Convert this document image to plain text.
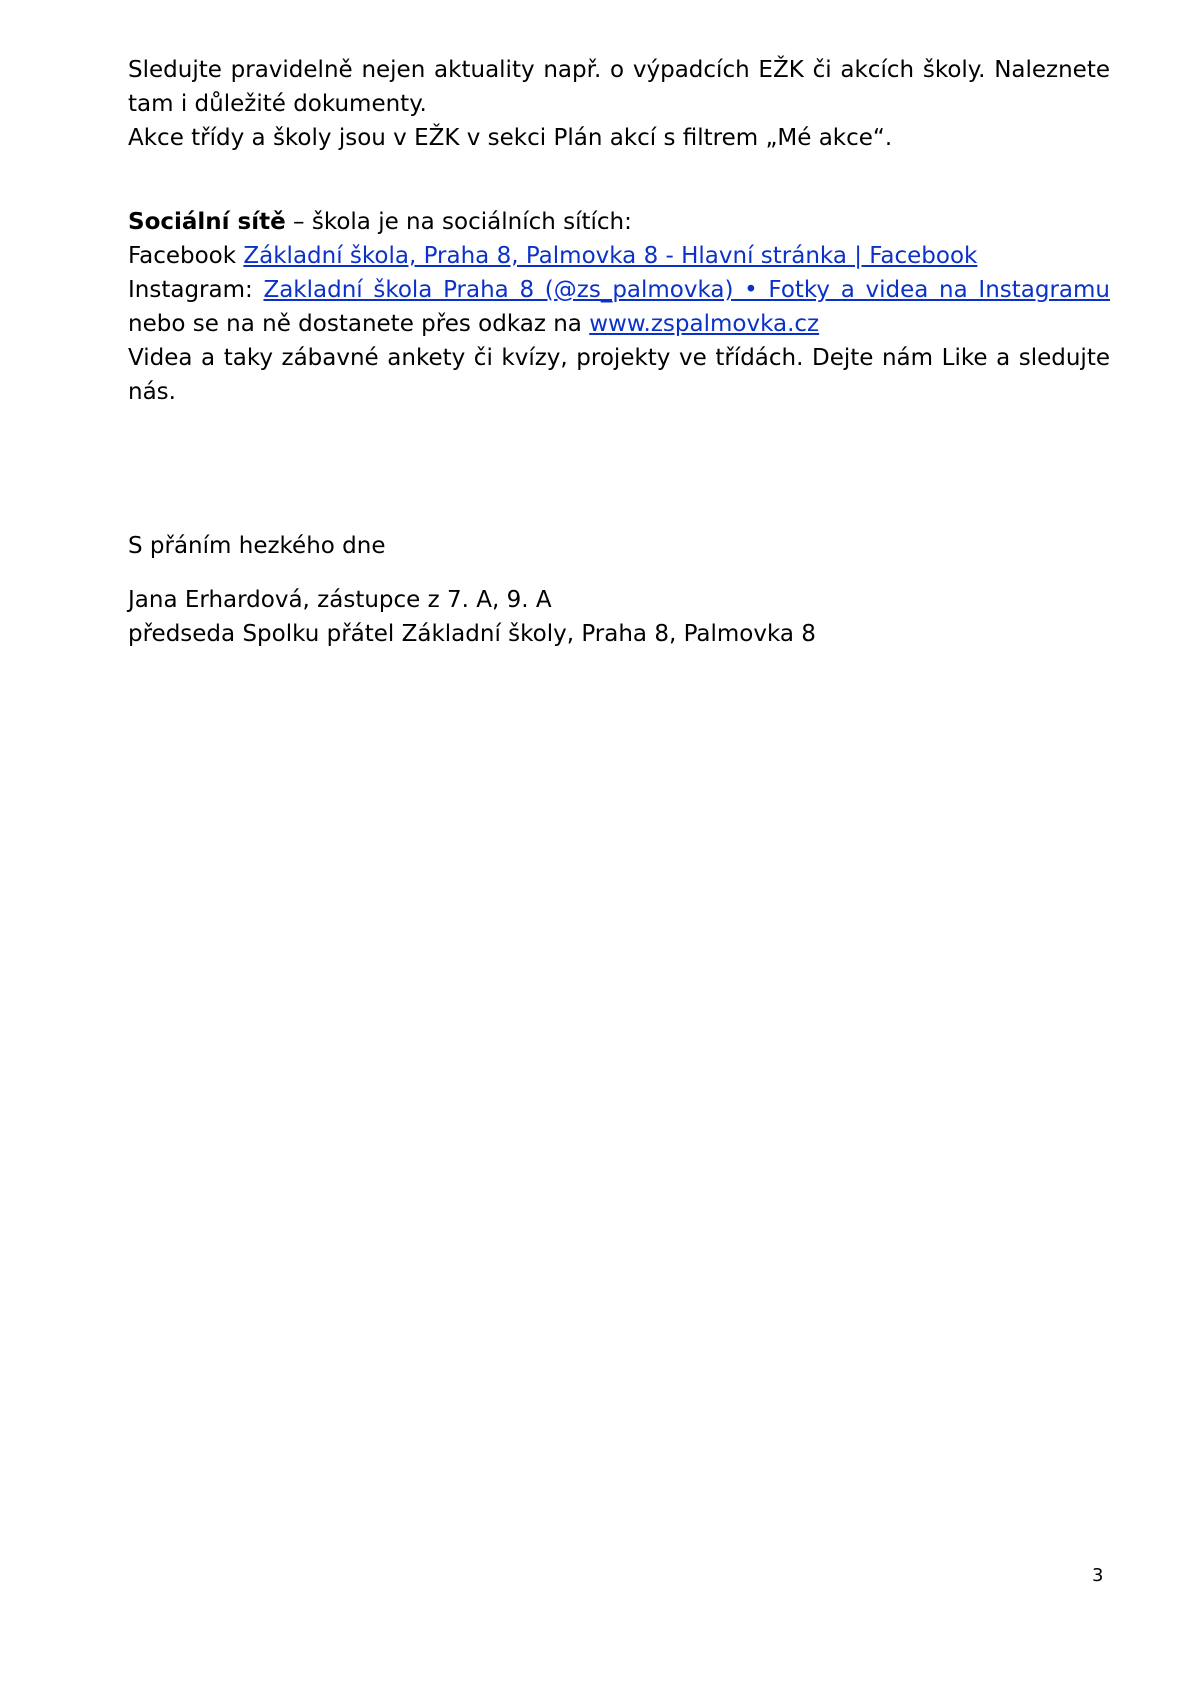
Sledujte pravidelně nejen aktuality např. o výpadcích EŽK či akcích školy. Naleznete tam i důležité dokumenty.

Akce třídy a školy jsou v EŽK v sekci Plán akcí s filtrem „Mé akce“.

Sociální sítě – škola je na sociálních sítích:
Facebook Základní škola, Praha 8, Palmovka 8 - Hlavní stránka | Facebook
Instagram: Zakladní škola Praha 8 (@zs_palmovka) • Fotky a videa na Instagramu nebo se na ně dostanete přes odkaz na www.zspalmovka.cz
Videa a taky zábavné ankety či kvízy, projekty ve třídách. Dejte nám Like a sledujte nás.

S přáním hezkého dne

Jana Erhardová, zástupce z 7. A, 9. A

předseda Spolku přátel Základní školy, Praha 8, Palmovka 8

3
